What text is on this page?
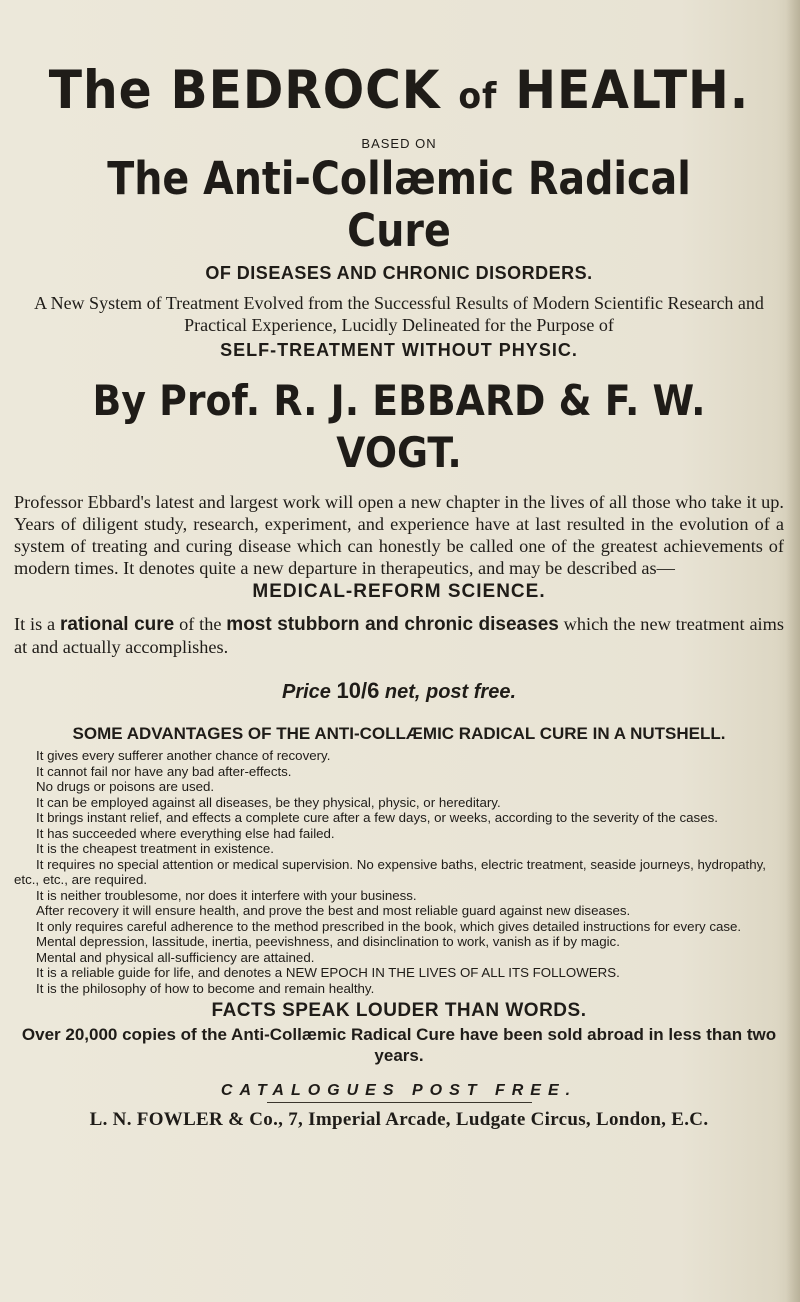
The BEDROCK of HEALTH.
BASED ON
The Anti-Collæmic Radical Cure
OF DISEASES AND CHRONIC DISORDERS.
A New System of Treatment Evolved from the Successful Results of Modern Scientific Research and Practical Experience, Lucidly Delineated for the Purpose of
SELF-TREATMENT WITHOUT PHYSIC.
By Prof. R. J. EBBARD & F. W. VOGT.
Professor Ebbard's latest and largest work will open a new chapter in the lives of all those who take it up. Years of diligent study, research, experiment, and experience have at last resulted in the evolution of a system of treating and curing disease which can honestly be called one of the greatest achievements of modern times. It denotes quite a new departure in therapeutics, and may be described as—
MEDICAL-REFORM SCIENCE.
It is a rational cure of the most stubborn and chronic diseases which the new treatment aims at and actually accomplishes.
Price 10/6 net, post free.
SOME ADVANTAGES OF THE ANTI-COLLÆMIC RADICAL CURE IN A NUTSHELL.

It gives every sufferer another chance of recovery.

It cannot fail nor have any bad after-effects.

No drugs or poisons are used.

It can be employed against all diseases, be they physical, physic, or hereditary.

It brings instant relief, and effects a complete cure after a few days, or weeks, according to the severity of the cases.

It has succeeded where everything else had failed.

It is the cheapest treatment in existence.

It requires no special attention or medical supervision. No expensive baths, electric treatment, seaside journeys, hydropathy, etc., etc., are required.

It is neither troublesome, nor does it interfere with your business.

After recovery it will ensure health, and prove the best and most reliable guard against new diseases.

It only requires careful adherence to the method prescribed in the book, which gives detailed instructions for every case.

Mental depression, lassitude, inertia, peevishness, and disinclination to work, vanish as if by magic.

Mental and physical all-sufficiency are attained.

It is a reliable guide for life, and denotes a NEW EPOCH IN THE LIVES OF ALL ITS FOLLOWERS.

It is the philosophy of how to become and remain healthy.

FACTS SPEAK LOUDER THAN WORDS.
Over 20,000 copies of the Anti-Collæmic Radical Cure have been sold abroad in less than two years.
CATALOGUES POST FREE.
L. N. FOWLER & Co., 7, Imperial Arcade, Ludgate Circus, London, E.C.
